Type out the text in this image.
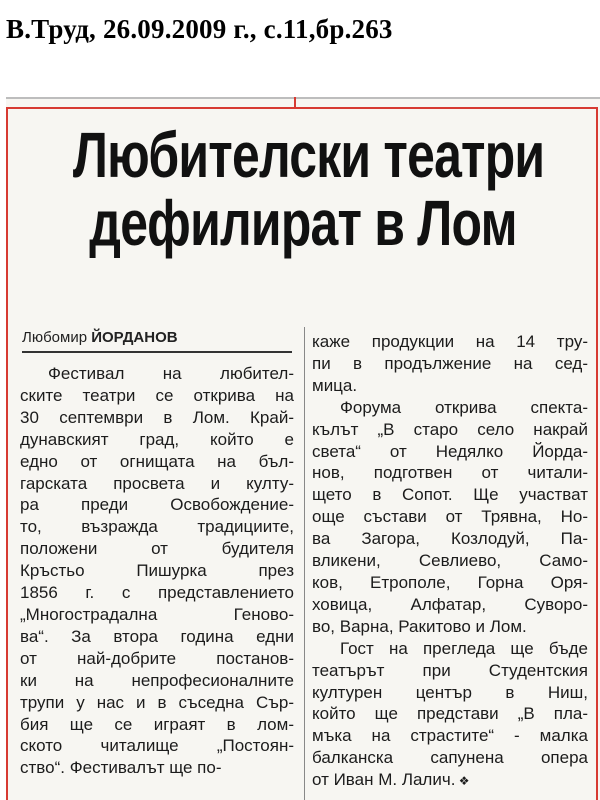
В.Труд, 26.09.2009 г., с.11,бр.263
Любителски театри
дефилират в Лом
Любомир ЙОРДАНОВ
Фестивал на любител-
ските театри се открива на
30 септември в Лом. Край-
дунавският град, който е
едно от огнищата на бъл-
гарската просвета и култу-
ра преди Освобождение-
то, възражда традициите,
положени от будителя
Кръстьо Пишурка през
1856 г. с представлението
„Многострадална Геново-
ва“. За втора година едни
от най-добрите постанов-
ки на непрофесионалните
трупи у нас и в съседна Сър-
бия ще се играят в лом-
ското читалище „Постоян-
ство“. Фестивалът ще по-
каже продукции на 14 тру-
пи в продължение на сед-
мица.
Форума открива спекта-
кълът „В старо село накрай
света“ от Недялко Йорда-
нов, подготвен от читали-
щето в Сопот. Ще участват
още състави от Трявна, Но-
ва Загора, Козлодуй, Па-
вликени, Севлиево, Само-
ков, Етрополе, Горна Оря-
ховица, Алфатар, Суворо-
во, Варна, Ракитово и Лом.
Гост на прегледа ще бъде
театърът при Студентския
културен център в Ниш,
който ще представи „В пла-
мъка на страстите“ - малка
балканска сапунена опера
от Иван М. Лалич. ❖
